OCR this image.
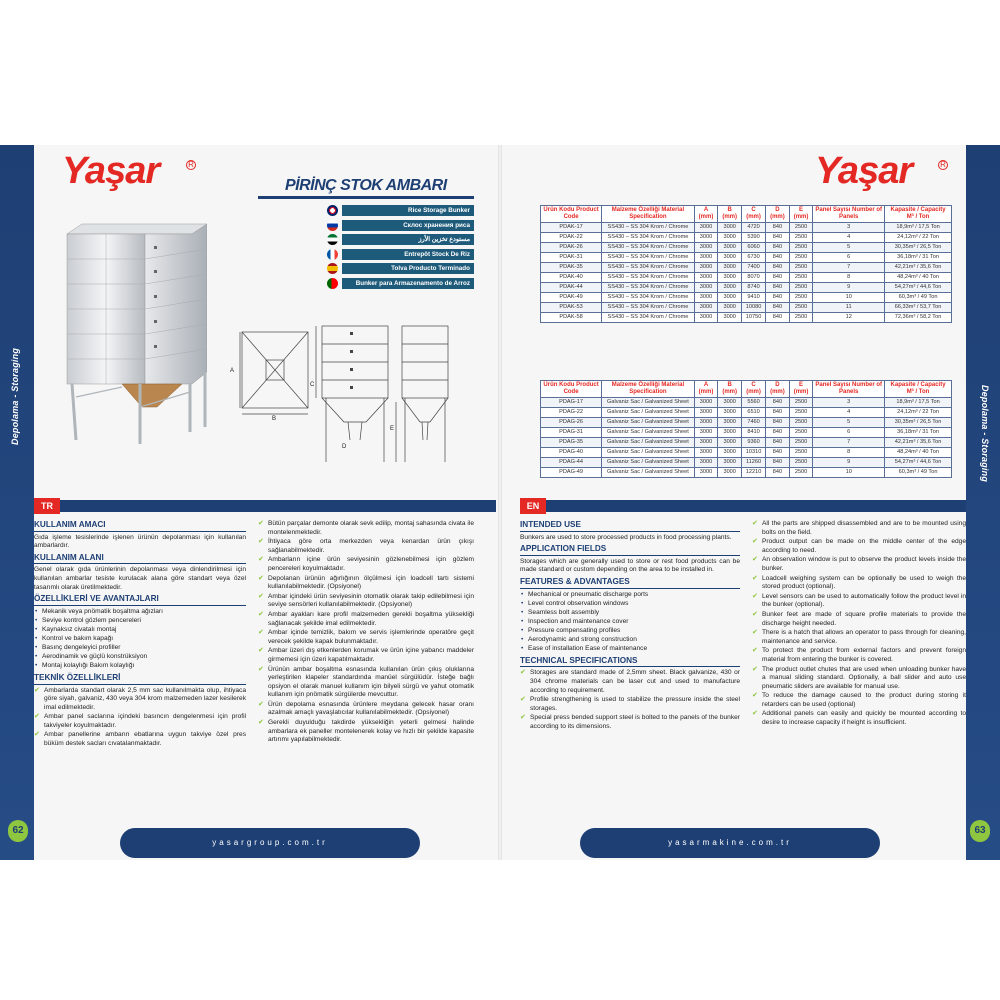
Depolama - Storaging	Depolama - Storaging
Yaşar	R
PİRİNÇ STOK AMBARI
Rice Storage Bunker
Склос хранения риса
مستودع تخزين الأرز
Entrepôt Stock De Riz
Tolva Producto Terminado
Bunker para Armazenamento de Arroz
A
B
C
D
E
Yaşar	R
Ürün Kodu Product Code	Malzeme Özelliği Material Specification	A (mm)	B (mm)	C (mm)	D (mm)	E (mm)	Panel Sayısı Number of Panels	Kapasite / Capacity M³ / Ton
PDAK-17	SS430 – SS 304 Krom / Chrome	3000	3000	4720	840	2500	3	18,9m³ / 17,5 Ton
PDAK-22	SS430 – SS 304 Krom / Chrome	3000	3000	5390	840	2500	4	24,12m³ / 22 Ton
PDAK-26	SS430 – SS 304 Krom / Chrome	3000	3000	6060	840	2500	5	30,35m³ / 26,5 Ton
PDAK-31	SS430 – SS 304 Krom / Chrome	3000	3000	6730	840	2500	6	36,18m³ / 31 Ton
PDAK-35	SS430 – SS 304 Krom / Chrome	3000	3000	7400	840	2500	7	42,21m³ / 35,6 Ton
PDAK-40	SS430 – SS 304 Krom / Chrome	3000	3000	8070	840	2500	8	48,24m³ / 40 Ton
PDAK-44	SS430 – SS 304 Krom / Chrome	3000	3000	8740	840	2500	9	54,27m³ / 44,6 Ton
PDAK-49	SS430 – SS 304 Krom / Chrome	3000	3000	9410	840	2500	10	60,3m³ / 49 Ton
PDAK-53	SS430 – SS 304 Krom / Chrome	3000	3000	10080	840	2500	11	66,33m³ / 53,7 Ton
PDAK-58	SS430 – SS 304 Krom / Chrome	3000	3000	10750	840	2500	12	72,36m³ / 58,2 Ton
Ürün Kodu Product Code	Malzeme Özelliği Material Specification	A (mm)	B (mm)	C (mm)	D (mm)	E (mm)	Panel Sayısı Number of Panels	Kapasite / Capacity M³ / Ton
PDAG-17	Galvaniz Sac / Galvanized Sheet	3000	3000	5560	840	2500	3	18,9m³ / 17,5 Ton
PDAG-22	Galvaniz Sac / Galvanized Sheet	3000	3000	6510	840	2500	4	24,12m³ / 22 Ton
PDAG-26	Galvaniz Sac / Galvanized Sheet	3000	3000	7460	840	2500	5	30,35m³ / 26,5 Ton
PDAG-31	Galvaniz Sac / Galvanized Sheet	3000	3000	8410	840	2500	6	36,18m³ / 31 Ton
PDAG-35	Galvaniz Sac / Galvanized Sheet	3000	3000	9360	840	2500	7	42,21m³ / 35,6 Ton
PDAG-40	Galvaniz Sac / Galvanized Sheet	3000	3000	10310	840	2500	8	48,24m³ / 40 Ton
PDAG-44	Galvaniz Sac / Galvanized Sheet	3000	3000	11260	840	2500	9	54,27m³ / 44,6 Ton
PDAG-49	Galvaniz Sac / Galvanized Sheet	3000	3000	12210	840	2500	10	60,3m³ / 49 Ton
TR	EN
KULLANIM AMACI
Gıda işleme tesislerinde işlenen ürünün depolanması için kullanılan ambarlardır.
KULLANIM ALANI
Genel olarak gıda ürünlerinin depolanması veya dinlendirilmesi için kullanılan ambarlar tesiste kurulacak alana göre standart veya özel tasarımlı olarak üretilmektedir.
ÖZELLİKLERİ VE AVANTAJLARI
• Mekanik veya pnömatik boşaltma ağızları
• Seviye kontrol gözlem pencereleri
• Kaynaksız civatalı montaj
• Kontrol ve bakım kapağı
• Basınç dengeleyici profiller
• Aerodinamik ve güçlü konstrüksiyon
• Montaj kolaylığı Bakım kolaylığı
TEKNİK ÖZELLİKLERİ
✔ Ambarlarda standart olarak 2,5 mm sac kullanılmakta olup, ihtiyaca göre siyah, galvaniz, 430 veya 304 krom malzemeden lazer kesilerek imal edilmektedir.
✔ Ambar panel saclarına içindeki basıncın dengelenmesi için profil takviyeler koyulmaktadır.
✔ Ambar panellerine ambarın ebatlarına uygun takviye özel pres büküm destek sacları cıvatalanmaktadır.
✔ Bütün parçalar demonte olarak sevk edilip, montaj sahasında civata ile montelenmektedir.
✔ İhtiyaca göre orta merkezden veya kenardan ürün çıkışı sağlanabilmektedir.
✔ Ambarların içine ürün seviyesinin gözlenebilmesi için gözlem pencereleri koyulmaktadır.
✔ Depolanan ürünün ağırlığının ölçülmesi için loadcell tartı sistemi kullanılabilmektedir. (Opsiyonel)
✔ Ambar içindeki ürün seviyesinin otomatik olarak takip edilebilmesi için seviye sensörleri kullanılabilmektedir. (Opsiyonel)
✔ Ambar ayakları kare profil malzemeden gerekli boşaltma yüksekliği sağlanacak şekilde imal edilmektedir.
✔ Ambar içinde temizlik, bakım ve servis işlemlerinde operatöre geçit verecek şekilde kapak bulunmaktadır.
✔ Ambar üzeri dış etkenlerden korumak ve ürün içine yabancı maddeler girmemesi için üzeri kapatılmaktadır.
✔ Ürünün ambar boşaltma esnasında kullanılan ürün çıkış oluklarına yerleştirilen klapeler standardında manüel sürgülüdür. İsteğe bağlı opsiyon el olarak manuel kullanım için bilyeli sürgü ve yahut otomatik kullanım için pnömatik sürgülerde mevcuttur.
✔ Ürün depolama esnasında ürünlere meydana gelecek hasar oranı azalmak amaçlı yavaşlatıcılar kullanılabilmektedir. (Opsiyonel)
✔ Gerekli duyulduğu takdirde yüksekliğin yeterli gelmesi halinde ambarlara ek paneller montelenerek kolay ve hızlı bir şekilde kapasite artırımı yapılabilmektedir.
INTENDED USE
Bunkers are used to store processed products in food processing plants.
APPLICATION FIELDS
Storages which are generally used to store or rest food products can be made standard or custom depending on the area to be installed in.
FEATURES & ADVANTAGES
• Mechanical or pneumatic discharge ports
• Level control observation windows
• Seamless bolt assembly
• Inspection and maintenance cover
• Pressure compensating profiles
• Aerodynamic and strong construction
• Ease of installation Ease of maintenance
TECHNICAL SPECIFICATIONS
✔ Storages are standard made of 2,5mm sheet. Black galvanize, 430 or 304 chrome materials can be laser cut and used to manufacture according to requirement.
✔ Profile strengthening is used to stabilize the pressure inside the steel storages.
✔ Special press bended support steel is bolted to the panels of the bunker according to its dimensions.
✔ All the parts are shipped disassembled and are to be mounted using bolts on the field.
✔ Product output can be made on the middle center of the edge according to need.
✔ An observation window is put to observe the product levels inside the bunker.
✔ Loadcell weighing system can be optionally be used to weigh the stored product (optional).
✔ Level sensors can be used to automatically follow the product level in the bunker (optional).
✔ Bunker feet are made of square profile materials to provide the discharge height needed.
✔ There is a hatch that allows an operator to pass through for cleaning, maintenance and service.
✔ To protect the product from external factors and prevent foreign material from entering the bunker is covered.
✔ The product outlet chutes that are used when unloading bunker have a manual sliding standard. Optionally, a ball slider and auto use pneumatic sliders are available for manual use.
✔ To reduce the damage caused to the product during storing it retarders can be used (optional)
✔ Additional panels can easily and quickly be mounted according to desire to increase capacity if height is insufficient.
yasargroup.com.tr	yasarmakine.com.tr
62	63
